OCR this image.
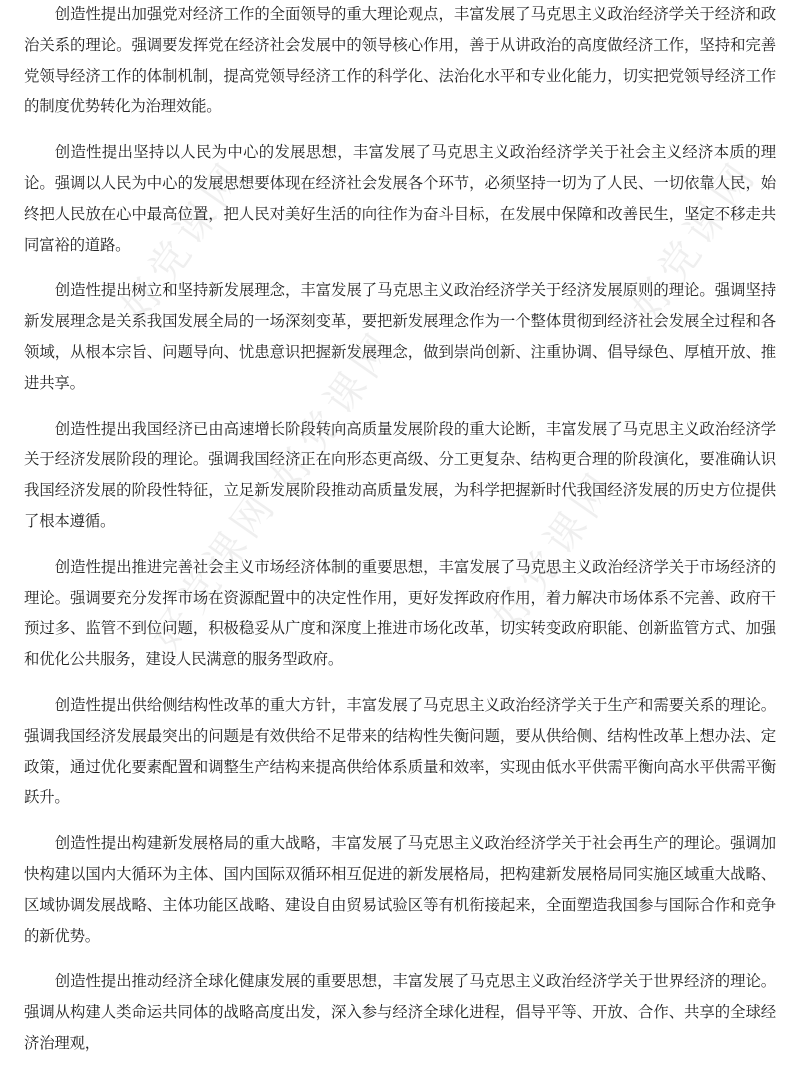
好党课网	好党课网
好党课网
好党课网	好党课网

创造性提出加强党对经济工作的全面领导的重大理论观点，丰富发展了马克思主义政治经济学关于经济和政治关系的理论。强调要发挥党在经济社会发展中的领导核心作用，善于从讲政治的高度做经济工作，坚持和完善党领导经济工作的体制机制，提高党领导经济工作的科学化、法治化水平和专业化能力，切实把党领导经济工作的制度优势转化为治理效能。

创造性提出坚持以人民为中心的发展思想，丰富发展了马克思主义政治经济学关于社会主义经济本质的理论。强调以人民为中心的发展思想要体现在经济社会发展各个环节，必须坚持一切为了人民、一切依靠人民，始终把人民放在心中最高位置，把人民对美好生活的向往作为奋斗目标，在发展中保障和改善民生，坚定不移走共同富裕的道路。

创造性提出树立和坚持新发展理念，丰富发展了马克思主义政治经济学关于经济发展原则的理论。强调坚持新发展理念是关系我国发展全局的一场深刻变革，要把新发展理念作为一个整体贯彻到经济社会发展全过程和各领域，从根本宗旨、问题导向、忧患意识把握新发展理念，做到崇尚创新、注重协调、倡导绿色、厚植开放、推进共享。

创造性提出我国经济已由高速增长阶段转向高质量发展阶段的重大论断，丰富发展了马克思主义政治经济学关于经济发展阶段的理论。强调我国经济正在向形态更高级、分工更复杂、结构更合理的阶段演化，要准确认识我国经济发展的阶段性特征，立足新发展阶段推动高质量发展，为科学把握新时代我国经济发展的历史方位提供了根本遵循。

创造性提出推进完善社会主义市场经济体制的重要思想，丰富发展了马克思主义政治经济学关于市场经济的理论。强调要充分发挥市场在资源配置中的决定性作用，更好发挥政府作用，着力解决市场体系不完善、政府干预过多、监管不到位问题，积极稳妥从广度和深度上推进市场化改革，切实转变政府职能、创新监管方式、加强和优化公共服务，建设人民满意的服务型政府。

创造性提出供给侧结构性改革的重大方针，丰富发展了马克思主义政治经济学关于生产和需要关系的理论。强调我国经济发展最突出的问题是有效供给不足带来的结构性失衡问题，要从供给侧、结构性改革上想办法、定政策，通过优化要素配置和调整生产结构来提高供给体系质量和效率，实现由低水平供需平衡向高水平供需平衡跃升。

创造性提出构建新发展格局的重大战略，丰富发展了马克思主义政治经济学关于社会再生产的理论。强调加快构建以国内大循环为主体、国内国际双循环相互促进的新发展格局，把构建新发展格局同实施区域重大战略、区域协调发展战略、主体功能区战略、建设自由贸易试验区等有机衔接起来，全面塑造我国参与国际合作和竞争的新优势。

创造性提出推动经济全球化健康发展的重要思想，丰富发展了马克思主义政治经济学关于世界经济的理论。强调从构建人类命运共同体的战略高度出发，深入参与经济全球化进程，倡导平等、开放、合作、共享的全球经济治理观，
